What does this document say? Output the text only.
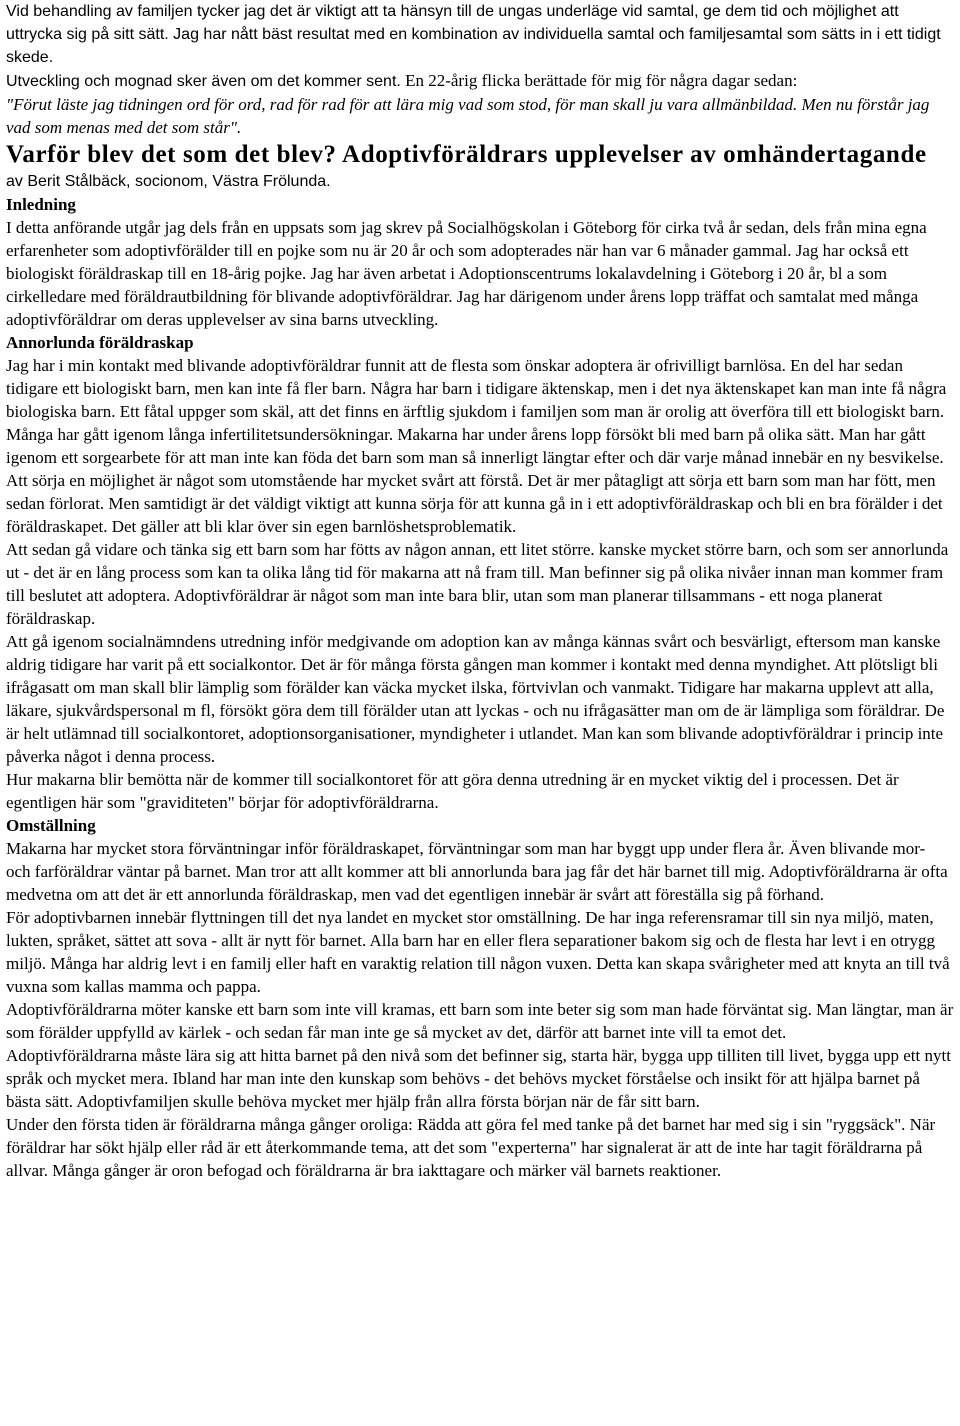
Vid behandling av familjen tycker jag det är viktigt att ta hänsyn till de ungas underläge vid samtal, ge dem tid och möjlighet att uttrycka sig på sitt sätt. Jag har nått bäst resultat med en kombination av individuella samtal och familjesamtal som sätts in i ett tidigt skede.

Utveckling och mognad sker även om det kommer sent. En 22-årig flicka berättade för mig för några dagar sedan:
"Förut läste jag tidningen ord för ord, rad för rad för att lära mig vad som stod, för man skall ju vara allmänbildad. Men nu förstår jag vad som menas med det som står".

Varför blev det som det blev? Adoptivföräldrars upplevelser av omhändertagande

av Berit Stålbäck, socionom, Västra Frölunda.

Inledning

I detta anförande utgår jag dels från en uppsats som jag skrev på Socialhögskolan i Göteborg för cirka två år sedan, dels från mina egna erfarenheter som adoptivförälder till en pojke som nu är 20 år och som adopterades när han var 6 månader gammal. Jag har också ett biologiskt föräldraskap till en 18-årig pojke. Jag har även arbetat i Adoptionscentrums lokalavdelning i Göteborg i 20 år, bl a som cirkelledare med föräldrautbildning för blivande adoptivföräldrar. Jag har därigenom under årens lopp träffat och samtalat med många adoptivföräldrar om deras upplevelser av sina barns utveckling.

Annorlunda föräldraskap

Jag har i min kontakt med blivande adoptivföräldrar funnit att de flesta som önskar adoptera är ofrivilligt barnlösa. En del har sedan tidigare ett biologiskt barn, men kan inte få fler barn. Några har barn i tidigare äktenskap, men i det nya äktenskapet kan man inte få några biologiska barn. Ett fåtal uppger som skäl, att det finns en ärftlig sjukdom i familjen som man är orolig att överföra till ett biologiskt barn.

Många har gått igenom långa infertilitetsundersökningar. Makarna har under årens lopp försökt bli med barn på olika sätt. Man har gått igenom ett sorgearbete för att man inte kan föda det barn som man så innerligt längtar efter och där varje månad innebär en ny besvikelse. Att sörja en möjlighet är något som utomstående har mycket svårt att förstå. Det är mer påtagligt att sörja ett barn som man har fött, men sedan förlorat. Men samtidigt är det väldigt viktigt att kunna sörja för att kunna gå in i ett adoptivföräldraskap och bli en bra förälder i det föräldraskapet. Det gäller att bli klar över sin egen barnlöshetsproblematik.

Att sedan gå vidare och tänka sig ett barn som har fötts av någon annan, ett litet större. kanske mycket större barn, och som ser annorlunda ut - det är en lång process som kan ta olika lång tid för makarna att nå fram till. Man befinner sig på olika nivåer innan man kommer fram till beslutet att adoptera. Adoptivföräldrar är något som man inte bara blir, utan som man planerar tillsammans - ett noga planerat föräldraskap.

Att gå igenom socialnämndens utredning inför medgivande om adoption kan av många kännas svårt och besvärligt, eftersom man kanske aldrig tidigare har varit på ett socialkontor. Det är för många första gången man kommer i kontakt med denna myndighet. Att plötsligt bli ifrågasatt om man skall blir lämplig som förälder kan väcka mycket ilska, förtvivlan och vanmakt. Tidigare har makarna upplevt att alla, läkare, sjukvårdspersonal m fl, försökt göra dem till förälder utan att lyckas - och nu ifrågasätter man om de är lämpliga som föräldrar. De är helt utlämnad till socialkontoret, adoptionsorganisationer, myndigheter i utlandet. Man kan som blivande adoptivföräldrar i princip inte påverka något i denna process.

Hur makarna blir bemötta när de kommer till socialkontoret för att göra denna utredning är en mycket viktig del i processen. Det är egentligen här som "graviditeten" börjar för adoptivföräldrarna.

Omställning

Makarna har mycket stora förväntningar inför föräldraskapet, förväntningar som man har byggt upp under flera år. Även blivande mor- och farföräldrar väntar på barnet. Man tror att allt kommer att bli annorlunda bara jag får det här barnet till mig. Adoptivföräldrarna är ofta medvetna om att det är ett annorlunda föräldraskap, men vad det egentligen innebär är svårt att föreställa sig på förhand.

För adoptivbarnen innebär flyttningen till det nya landet en mycket stor omställning. De har inga referensramar till sin nya miljö, maten, lukten, språket, sättet att sova - allt är nytt för barnet. Alla barn har en eller flera separationer bakom sig och de flesta har levt i en otrygg miljö. Många har aldrig levt i en familj eller haft en varaktig relation till någon vuxen. Detta kan skapa svårigheter med att knyta an till två vuxna som kallas mamma och pappa.

Adoptivföräldrarna möter kanske ett barn som inte vill kramas, ett barn som inte beter sig som man hade förväntat sig. Man längtar, man är som förälder uppfylld av kärlek - och sedan får man inte ge så mycket av det, därför att barnet inte vill ta emot det.

Adoptivföräldrarna måste lära sig att hitta barnet på den nivå som det befinner sig, starta här, bygga upp tilliten till livet, bygga upp ett nytt språk och mycket mera. Ibland har man inte den kunskap som behövs - det behövs mycket förståelse och insikt för att hjälpa barnet på bästa sätt. Adoptivfamiljen skulle behöva mycket mer hjälp från allra första början när de får sitt barn.

Under den första tiden är föräldrarna många gånger oroliga: Rädda att göra fel med tanke på det barnet har med sig i sin "ryggsäck". När föräldrar har sökt hjälp eller råd är ett återkommande tema, att det som "experterna" har signalerat är att de inte har tagit föräldrarna på allvar. Många gånger är oron befogad och föräldrarna är bra iakttagare och märker väl barnets reaktioner.
